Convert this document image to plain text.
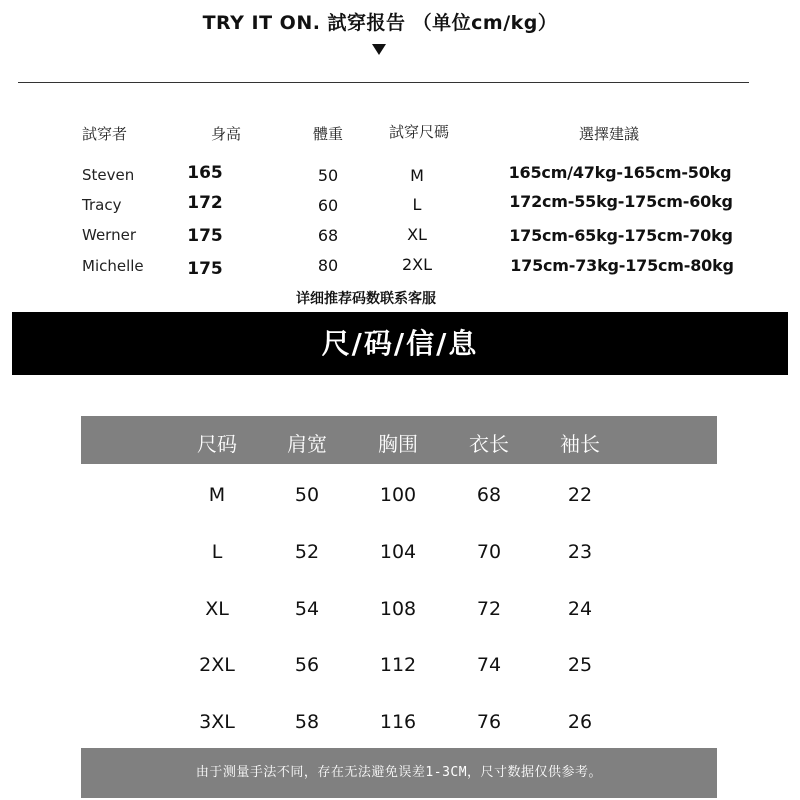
TRY IT ON. 試穿报告 （单位cm/kg）
試穿者	身高	體重	試穿尺碼	選擇建議
Steven	165	50	M	165cm/47kg-165cm-50kg
Tracy	172	60	L	172cm-55kg-175cm-60kg
Werner	175	68	XL	175cm-65kg-175cm-70kg
Michelle	175	80	2XL	175cm-73kg-175cm-80kg
详细推荐码数联系客服
尺/码/信/息
尺码	肩宽	胸围	衣长	袖长
M	50	100	68	22
L	52	104	70	23
XL	54	108	72	24
2XL	56	112	74	25
3XL	58	116	76	26
由于测量手法不同，存在无法避免误差1-3CM，尺寸数据仅供参考。
